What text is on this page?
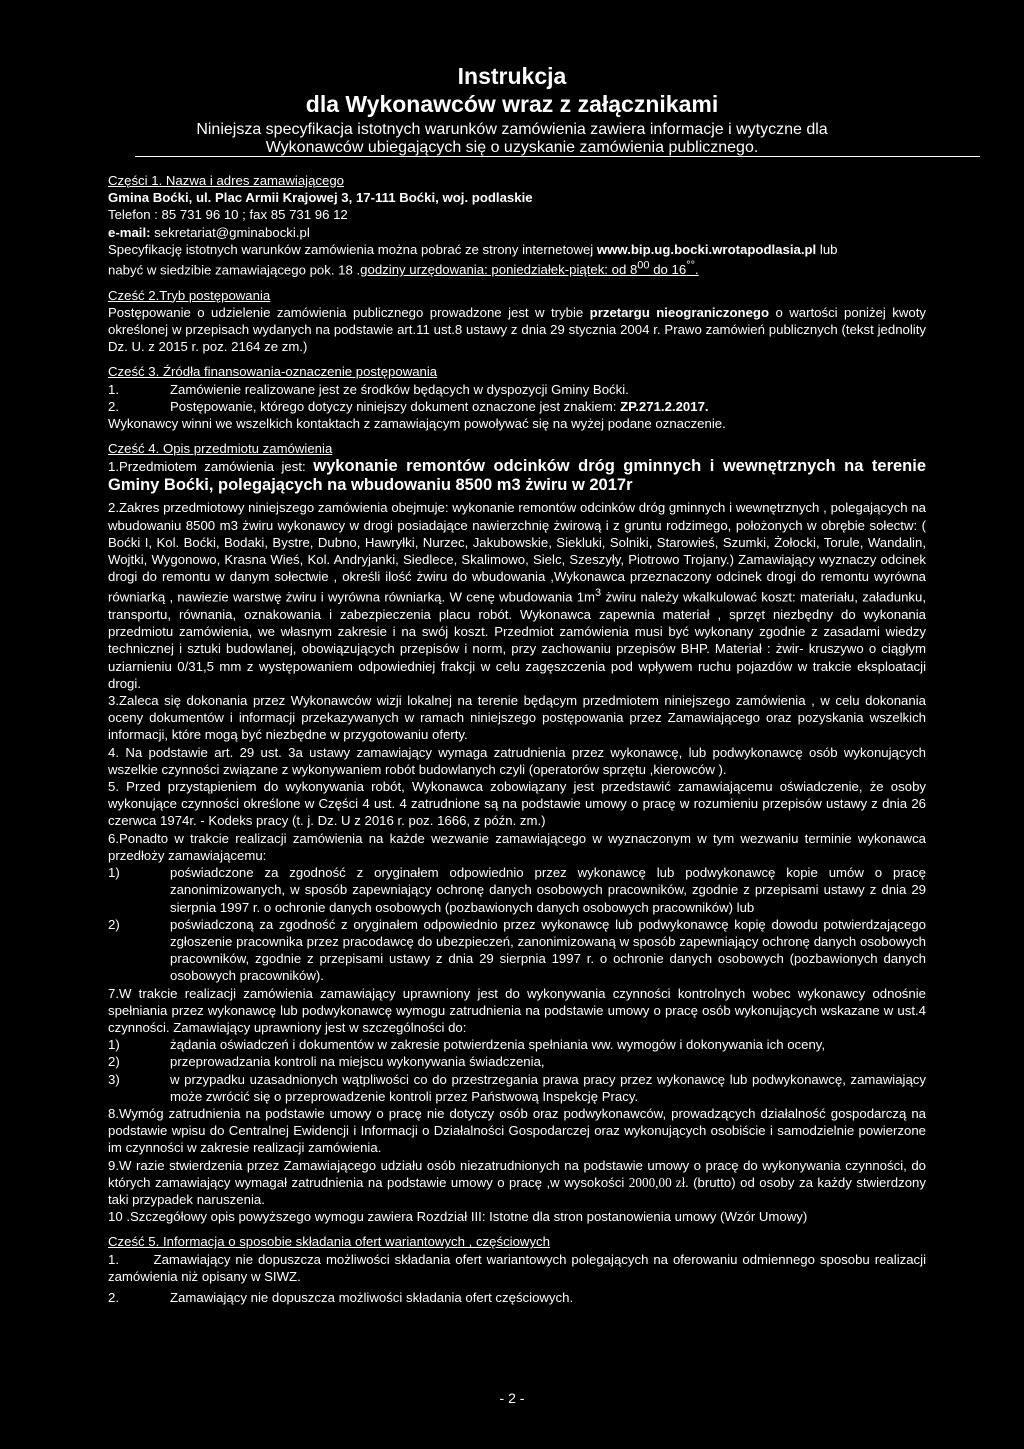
Instrukcja
dla Wykonawców wraz z załącznikami
Niniejsza specyfikacja istotnych warunków zamówienia zawiera informacje i wytyczne dla
Wykonawców ubiegających się o uzyskanie zamówienia publicznego.

Części 1. Nazwa i adres zamawiającego

Gmina Boćki, ul. Plac Armii Krajowej 3, 17-111 Boćki, woj. podlaskie

Telefon : 85 731 96 10 ; fax 85 731 96 12

e-mail: sekretariat@gminabocki.pl

Specyfikację istotnych warunków zamówienia można pobrać ze strony internetowej www.bip.ug.bocki.wrotapodlasia.pl lub

nabyć w siedzibie zamawiającego pok. 18 .godziny urzędowania: poniedziałek-piątek: od $8^{00}$ do 16°°.

Cześć 2.Tryb postępowania

Postępowanie o udzielenie zamówienia publicznego prowadzone jest w trybie przetargu nieograniczonego o wartości poniżej kwoty określonej w przepisach wydanych na podstawie art.11 ust.8 ustawy z dnia 29 stycznia 2004 r. Prawo zamówień publicznych (tekst jednolity Dz. U. z 2015 r. poz. 2164 ze zm.)

Cześć 3. Źródła finansowania-oznaczenie postępowania

1.	Zamówienie realizowane jest ze środków będących w dyspozycji Gminy Boćki.
2.	Postępowanie, którego dotyczy niniejszy dokument oznaczone jest znakiem: ZP.271.2.2017.

Wykonawcy winni we wszelkich kontaktach z zamawiającym powoływać się na wyżej podane oznaczenie.

Cześć 4. Opis przedmiotu zamówienia

1.Przedmiotem zamówienia jest: wykonanie remontów odcinków dróg gminnych i wewnętrznych na terenie Gminy Boćki, polegających na wbudowaniu 8500 m3 żwiru w 2017r

2.Zakres przedmiotowy niniejszego zamówienia obejmuje: wykonanie remontów odcinków dróg gminnych i wewnętrznych , polegających na wbudowaniu 8500 m3 żwiru wykonawcy w drogi posiadające nawierzchnię żwirową i z gruntu rodzimego, położonych w obrębie sołectw: ( Boćki I, Kol. Boćki, Bodaki, Bystre, Dubno, Hawryłki, Nurzec, Jakubowskie, Siekluki, Solniki, Starowieś, Szumki, Żołocki, Torule, Wandalin, Wojtki, Wygonowo, Krasna Wieś, Kol. Andryjanki, Siedlece, Skalimowo, Sielc, Szeszyły, Piotrowo Trojany.) Zamawiający wyznaczy odcinek drogi do remontu w danym sołectwie , określi ilość żwiru do wbudowania ,Wykonawca przeznaczony odcinek drogi do remontu wyrówna równiarką , nawiezie warstwę żwiru i wyrówna równiarką. W cenę wbudowania $1m^3$ żwiru należy wkalkulować koszt: materiału, załadunku, transportu, równania, oznakowania i zabezpieczenia placu robót. Wykonawca zapewnia materiał , sprzęt niezbędny do wykonania przedmiotu zamówienia, we własnym zakresie i na swój koszt. Przedmiot zamówienia musi być wykonany zgodnie z zasadami wiedzy technicznej i sztuki budowlanej, obowiązujących przepisów i norm, przy zachowaniu przepisów BHP. Materiał : żwir- kruszywo o ciągłym uziarnieniu 0/31,5 mm z występowaniem odpowiedniej frakcji w celu zagęszczenia pod wpływem ruchu pojazdów w trakcie eksploatacji drogi.

3.Zaleca się dokonania przez Wykonawców wizji lokalnej na terenie będącym przedmiotem niniejszego zamówienia , w celu dokonania oceny dokumentów i informacji przekazywanych w ramach niniejszego postępowania przez Zamawiającego oraz pozyskania wszelkich informacji, które mogą być niezbędne w przygotowaniu oferty.

4. Na podstawie art. 29 ust. 3a ustawy zamawiający wymaga zatrudnienia przez wykonawcę, lub podwykonawcę osób wykonujących wszelkie czynności związane z wykonywaniem robót budowlanych czyli (operatorów sprzętu ,kierowców ).

5. Przed przystąpieniem do wykonywania robót, Wykonawca zobowiązany jest przedstawić zamawiającemu oświadczenie, że osoby wykonujące czynności określone w Części 4 ust. 4 zatrudnione są na podstawie umowy o pracę w rozumieniu przepisów ustawy z dnia 26 czerwca 1974r. - Kodeks pracy (t. j. Dz. U z 2016 r. poz. 1666, z późn. zm.)

6.Ponadto w trakcie realizacji zamówienia na każde wezwanie zamawiającego w wyznaczonym w tym wezwaniu terminie wykonawca przedłoży zamawiającemu:

1)	poświadczone za zgodność z oryginałem odpowiednio przez wykonawcę lub podwykonawcę kopie umów o pracę zanonimizowanych, w sposób zapewniający ochronę danych osobowych pracowników, zgodnie z przepisami ustawy z dnia 29 sierpnia 1997 r. o ochronie danych osobowych (pozbawionych danych osobowych pracowników) lub
2)	poświadczoną za zgodność z oryginałem odpowiednio przez wykonawcę lub podwykonawcę kopię dowodu potwierdzającego zgłoszenie pracownika przez pracodawcę do ubezpieczeń, zanonimizowaną w sposób zapewniający ochronę danych osobowych pracowników, zgodnie z przepisami ustawy z dnia 29 sierpnia 1997 r. o ochronie danych osobowych (pozbawionych danych osobowych pracowników).

7.W trakcie realizacji zamówienia zamawiający uprawniony jest do wykonywania czynności kontrolnych wobec wykonawcy odnośnie spełniania przez wykonawcę lub podwykonawcę wymogu zatrudnienia na podstawie umowy o pracę osób wykonujących wskazane w ust.4 czynności. Zamawiający uprawniony jest w szczególności do:

1)	żądania oświadczeń i dokumentów w zakresie potwierdzenia spełniania ww. wymogów i dokonywania ich oceny,
2)	przeprowadzania kontroli na miejscu wykonywania świadczenia,
3)	w przypadku uzasadnionych wątpliwości co do przestrzegania prawa pracy przez wykonawcę lub podwykonawcę, zamawiający może zwrócić się o przeprowadzenie kontroli przez Państwową Inspekcję Pracy.

8.Wymóg zatrudnienia na podstawie umowy o pracę nie dotyczy osób oraz podwykonawców, prowadzących działalność gospodarczą na podstawie wpisu do Centralnej Ewidencji i Informacji o Działalności Gospodarczej oraz wykonujących osobiście i samodzielnie powierzone im czynności w zakresie realizacji zamówienia.

9.W razie stwierdzenia przez Zamawiającego udziału osób niezatrudnionych na podstawie umowy o pracę do wykonywania czynności, do których zamawiający wymagał zatrudnienia na podstawie umowy o pracę ,w wysokości 2000,00 zł. (brutto) od osoby za każdy stwierdzony taki przypadek naruszenia.

10 .Szczegółowy opis powyższego wymogu zawiera Rozdział III: Istotne dla stron postanowienia umowy (Wzór Umowy)

Cześć 5. Informacja o sposobie składania ofert wariantowych , częściowych

1.	Zamawiający nie dopuszcza możliwości składania ofert wariantowych polegających na oferowaniu odmiennego sposobu realizacji zamówienia niż opisany w SIWZ.

2.	Zamawiający nie dopuszcza możliwości składania ofert częściowych.
- 2 -
